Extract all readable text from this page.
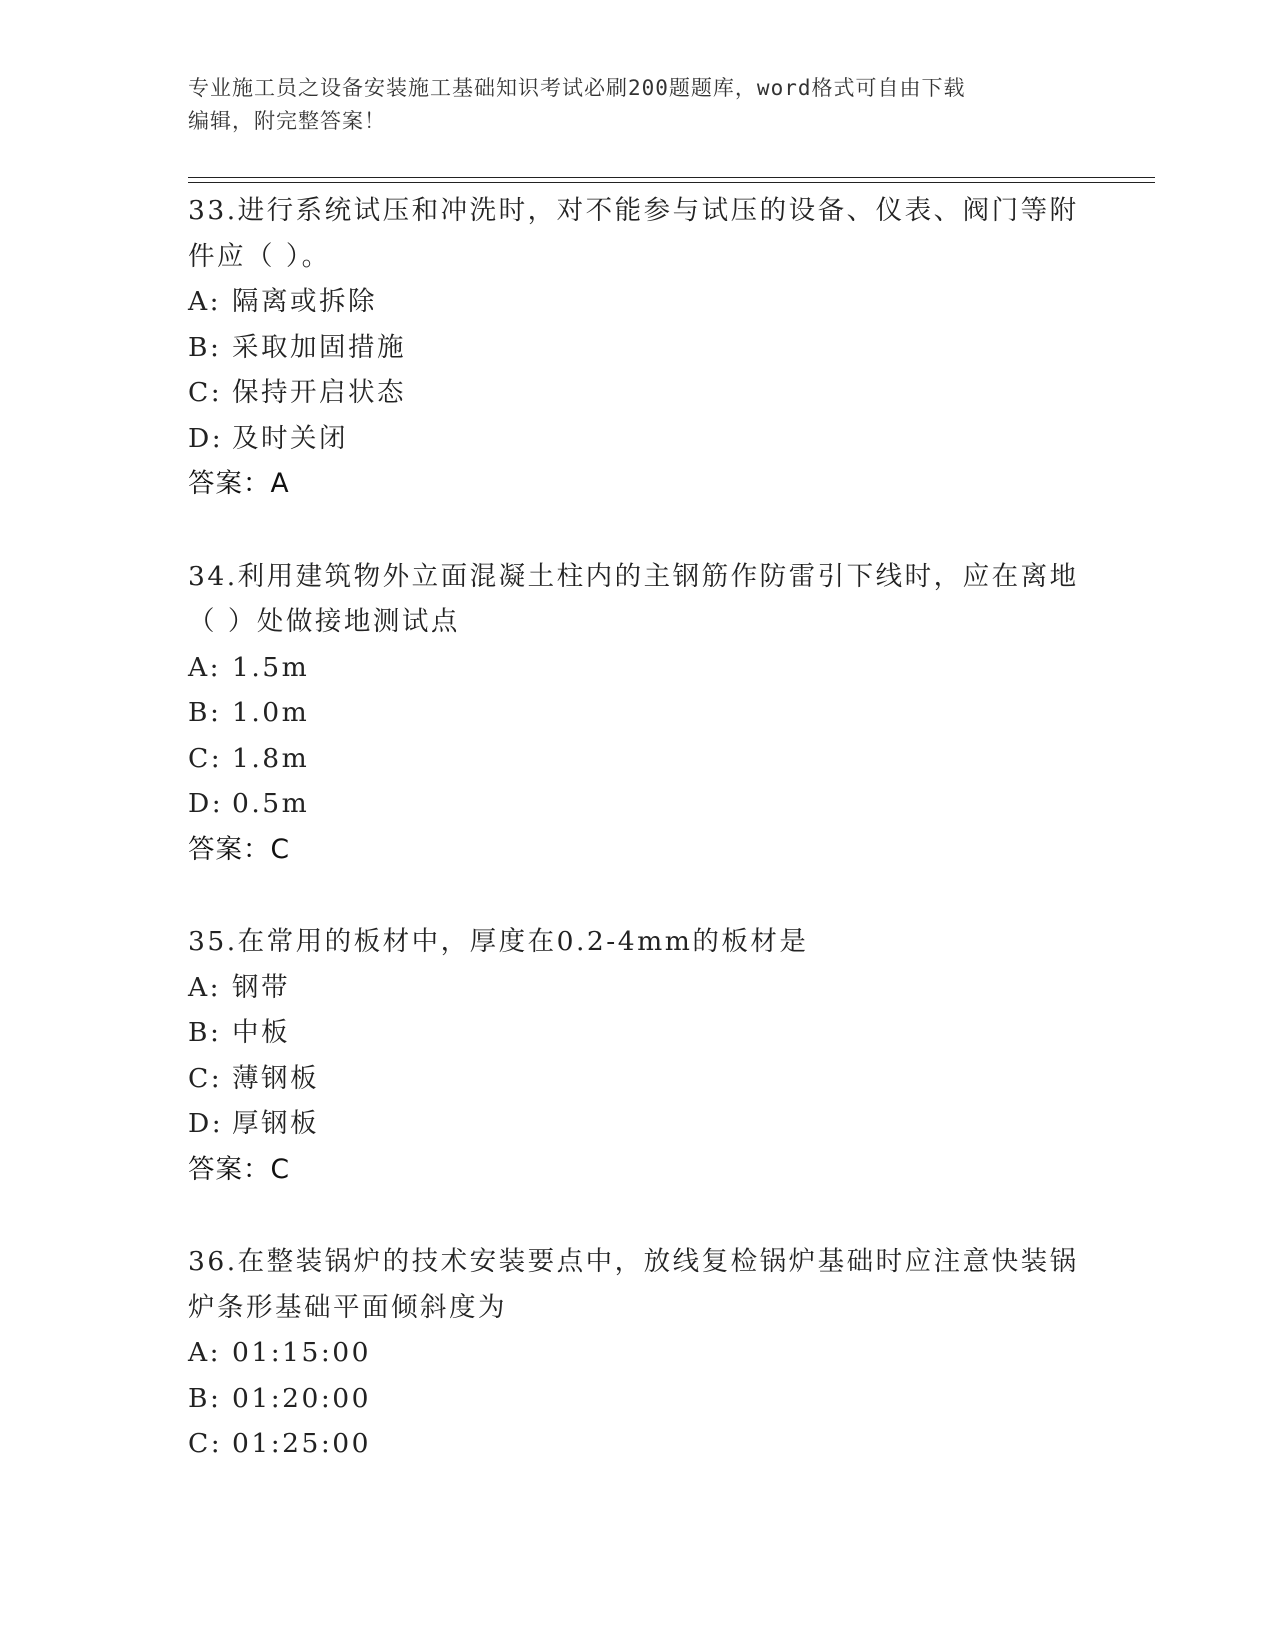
专业施工员之设备安装施工基础知识考试必刷200题题库，word格式可自由下载
编辑，附完整答案！
33.进行系统试压和冲洗时，对不能参与试压的设备、仪表、阀门等附
件应（ ）。
A: 隔离或拆除
B: 采取加固措施
C: 保持开启状态
D: 及时关闭
答案：A
34.利用建筑物外立面混凝土柱内的主钢筋作防雷引下线时，应在离地
（ ）处做接地测试点
A: 1.5m
B: 1.0m
C: 1.8m
D: 0.5m
答案：C
35.在常用的板材中，厚度在0.2-4mm的板材是
A: 钢带
B: 中板
C: 薄钢板
D: 厚钢板
答案：C
36.在整装锅炉的技术安装要点中，放线复检锅炉基础时应注意快装锅
炉条形基础平面倾斜度为
A: 01:15:00
B: 01:20:00
C: 01:25:00
